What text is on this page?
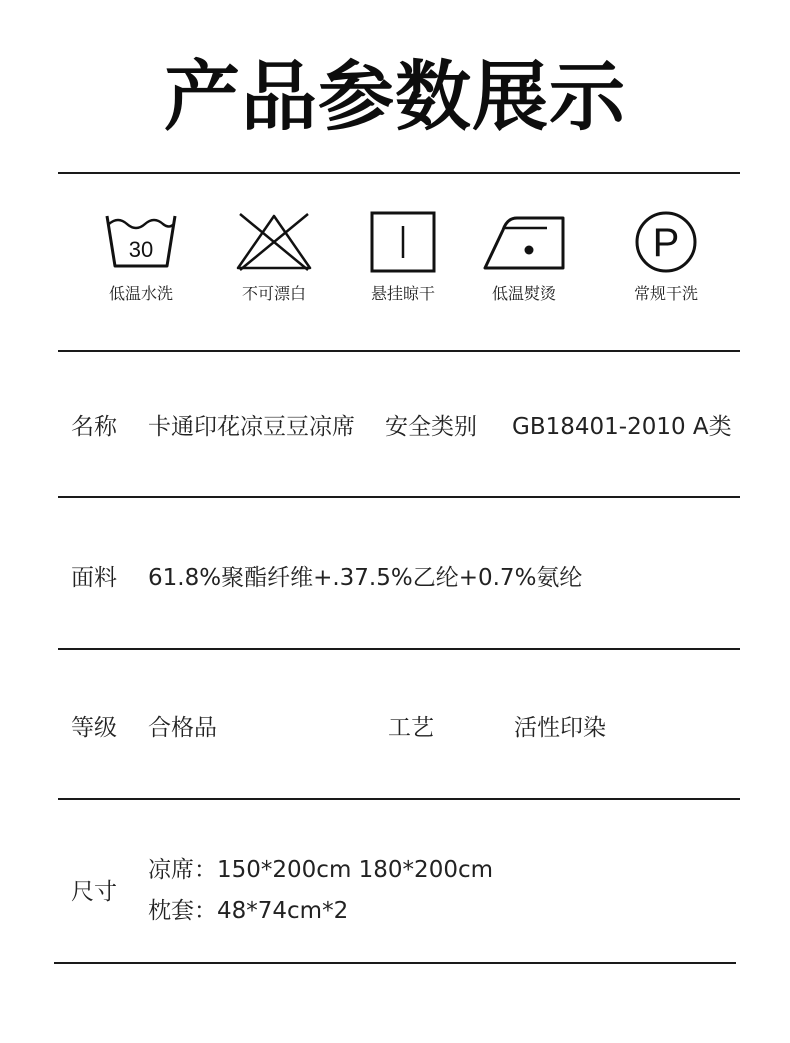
产品参数展示
30
低温水洗	不可漂白	悬挂晾干	低温熨烫
P
常规干洗
名称 卡通印花凉豆豆凉席 安全类别 GB18401-2010 A类
面料 61.8%聚酯纤维+.37.5%乙纶+0.7%氨纶
等级 合格品	工艺	活性印染
尺寸
凉席：150*200cm 180*200cm
枕套：48*74cm*2
